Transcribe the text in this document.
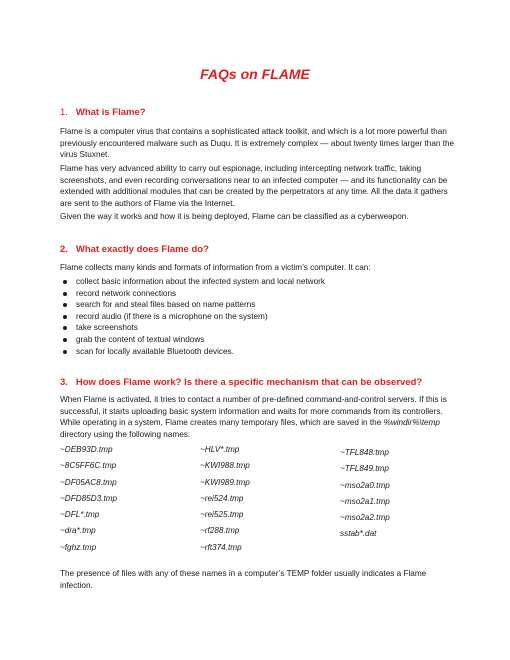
FAQs on FLAME
1. What is Flame?
Flame is a computer virus that contains a sophisticated attack toolkit, and which is a lot more powerful than previously encountered malware such as Duqu. It is extremely complex — about twenty times larger than the virus Stuxnet.
Flame has very advanced ability to carry out espionage, including intercepting network traffic, taking screenshots, and even recording conversations near to an infected computer — and its functionality can be extended with additional modules that can be created by the perpetrators at any time. All the data it gathers are sent to the authors of Flame via the Internet.
Given the way it works and how it is being deployed, Flame can be classified as a cyberweapon.
2. What exactly does Flame do?
Flame collects many kinds and formats of information from a victim’s computer. It can:
collect basic information about the infected system and local network
record network connections
search for and steal files based on name patterns
record audio (if there is a microphone on the system)
take screenshots
grab the content of textual windows
scan for locally available Bluetooth devices.
3. How does Flame work? Is there a specific mechanism that can be observed?
When Flame is activated, it tries to contact a number of pre-defined command-and-control servers. If this is successful, it starts uploading basic system information and waits for more commands from its controllers. While operating in a system, Flame creates many temporary files, which are saved in the %windir%\temp directory using the following names:
~DEB93D.tmp
~8C5FF6C.tmp
~DF05AC8.tmp
~DFD85D3.tmp
~DFL*.tmp
~dra*.tmp
~fghz.tmp
~HLV*.tmp
~KWI988.tmp
~KWI989.tmp
~rei524.tmp
~rei525.tmp
~rf288.tmp
~rft374.tmp
~TFL848.tmp
~TFL849.tmp
~mso2a0.tmp
~mso2a1.tmp
~mso2a2.tmp
sstab*.dat
The presence of files with any of these names in a computer’s TEMP folder usually indicates a Flame infection.
